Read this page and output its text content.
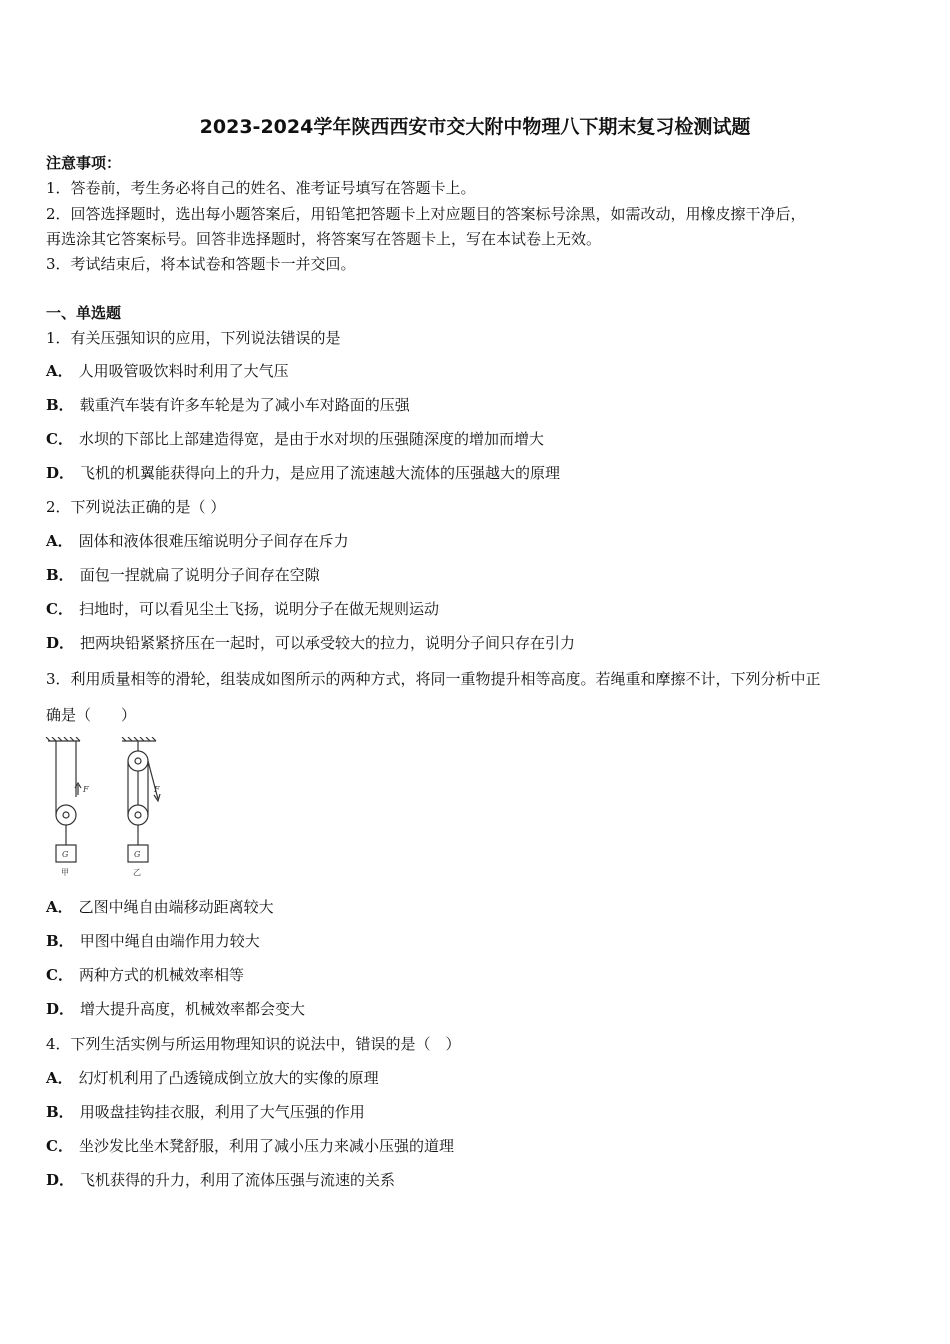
2023-2024学年陕西西安市交大附中物理八下期末复习检测试题
注意事项：
1．答卷前，考生务必将自己的姓名、准考证号填写在答题卡上。
2．回答选择题时，选出每小题答案后，用铅笔把答题卡上对应题目的答案标号涂黑，如需改动，用橡皮擦干净后，
再选涂其它答案标号。回答非选择题时，将答案写在答题卡上，写在本试卷上无效。
3．考试结束后，将本试卷和答题卡一并交回。
一、单选题
1．有关压强知识的应用，下列说法错误的是
A． 人用吸管吸饮料时利用了大气压
B． 载重汽车装有许多车轮是为了减小车对路面的压强
C． 水坝的下部比上部建造得宽，是由于水对坝的压强随深度的增加而增大
D． 飞机的机翼能获得向上的升力，是应用了流速越大流体的压强越大的原理
2．下列说法正确的是（ ）
A． 固体和液体很难压缩说明分子间存在斥力
B． 面包一捏就扁了说明分子间存在空隙
C． 扫地时，可以看见尘土飞扬，说明分子在做无规则运动
D． 把两块铅紧紧挤压在一起时，可以承受较大的拉力，说明分子间只存在引力
3．利用质量相等的滑轮，组装成如图所示的两种方式，将同一重物提升相等高度。若绳重和摩擦不计，下列分析中正
确是（　　）
F
G
甲
F
G
乙
A． 乙图中绳自由端移动距离较大
B． 甲图中绳自由端作用力较大
C． 两种方式的机械效率相等
D． 增大提升高度，机械效率都会变大
4．下列生活实例与所运用物理知识的说法中，错误的是（　）
A． 幻灯机利用了凸透镜成倒立放大的实像的原理
B． 用吸盘挂钩挂衣服，利用了大气压强的作用
C． 坐沙发比坐木凳舒服，利用了减小压力来减小压强的道理
D． 飞机获得的升力，利用了流体压强与流速的关系
